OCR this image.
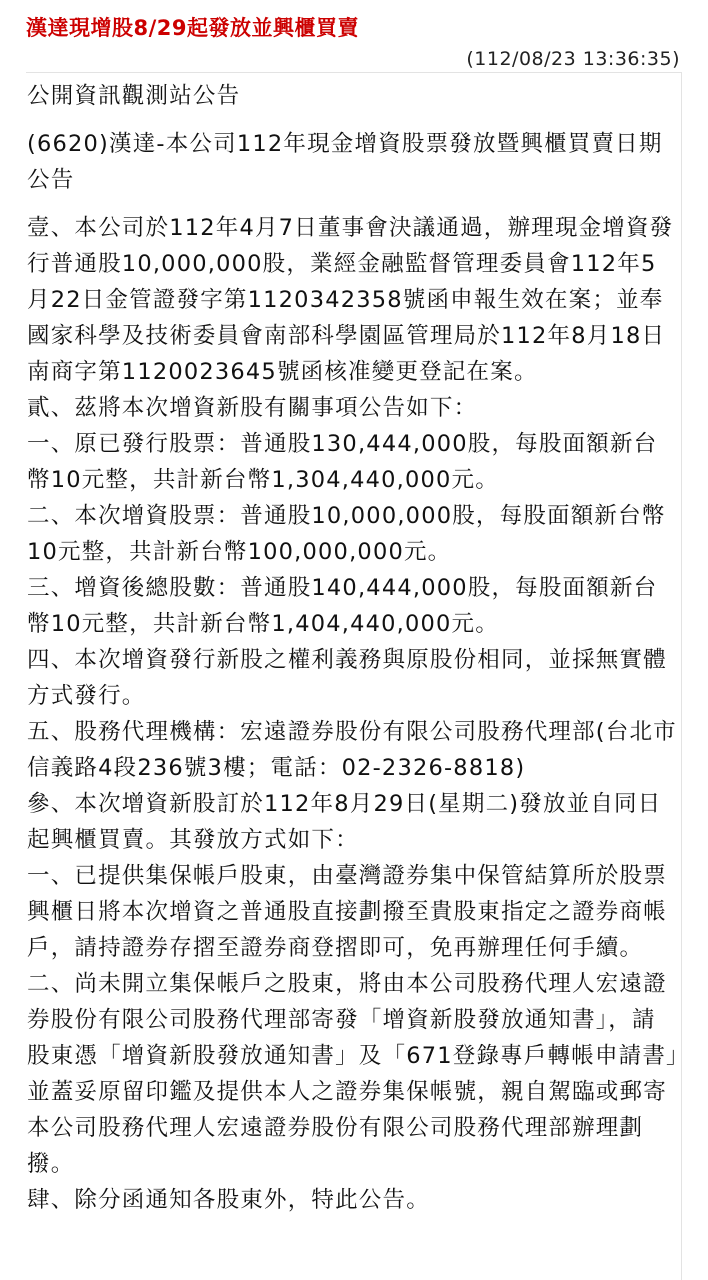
漢達現增股8/29起發放並興櫃買賣
(112/08/23 13:36:35)

公開資訊觀測站公告

(6620)漢達-本公司112年現金增資股票發放暨興櫃買賣日期公告

壹、本公司於112年4月7日董事會決議通過，辦理現金增資發行普通股10,000,000股，業經金融監督管理委員會112年5月22日金管證發字第1120342358號函申報生效在案；並奉國家科學及技術委員會南部科學園區管理局於112年8月18日南商字第1120023645號函核准變更登記在案。

貳、茲將本次增資新股有關事項公告如下：

一、原已發行股票：普通股130,444,000股，每股面額新台幣10元整，共計新台幣1,304,440,000元。

二、本次增資股票：普通股10,000,000股，每股面額新台幣10元整，共計新台幣100,000,000元。

三、增資後總股數：普通股140,444,000股，每股面額新台幣10元整，共計新台幣1,404,440,000元。

四、本次增資發行新股之權利義務與原股份相同，並採無實體方式發行。

五、股務代理機構：宏遠證券股份有限公司股務代理部(台北市信義路4段236號3樓；電話：02-2326-8818)

參、本次增資新股訂於112年8月29日(星期二)發放並自同日起興櫃買賣。其發放方式如下：

一、已提供集保帳戶股東，由臺灣證券集中保管結算所於股票興櫃日將本次增資之普通股直接劃撥至貴股東指定之證券商帳戶，請持證券存摺至證券商登摺即可，免再辦理任何手續。

二、尚未開立集保帳戶之股東，將由本公司股務代理人宏遠證券股份有限公司股務代理部寄發「增資新股發放通知書」，請股東憑「增資新股發放通知書」及「671登錄專戶轉帳申請書」並蓋妥原留印鑑及提供本人之證券集保帳號，親自駕臨或郵寄本公司股務代理人宏遠證券股份有限公司股務代理部辦理劃撥。

肆、除分函通知各股東外，特此公告。
